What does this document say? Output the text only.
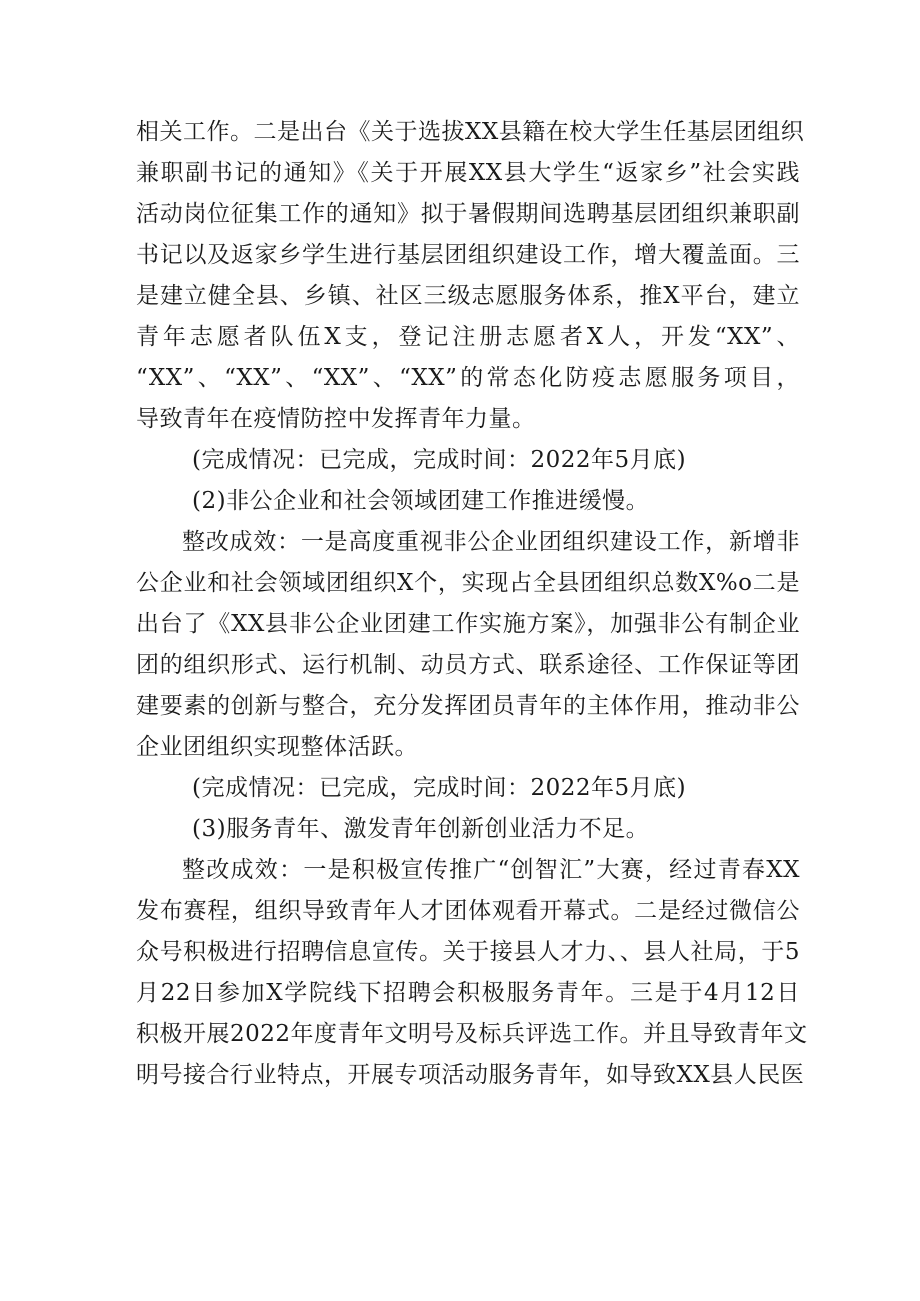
相关工作。二是出台《关于选拔XX县籍在校大学生任基层团组织
兼职副书记的通知》《关于开展XX县大学生“返家乡”社会实践
活动岗位征集工作的通知》拟于暑假期间选聘基层团组织兼职副
书记以及返家乡学生进行基层团组织建设工作，增大覆盖面。三
是建立健全县、乡镇、社区三级志愿服务体系，推X平台，建立
青年志愿者队伍X支，登记注册志愿者X人，开发“XX”、
“XX”、“XX”、“XX”、“XX”的常态化防疫志愿服务项目，
导致青年在疫情防控中发挥青年力量。
(完成情况：已完成，完成时间：2022年5月底)
(2)非公企业和社会领域团建工作推进缓慢。
整改成效：一是高度重视非公企业团组织建设工作，新增非
公企业和社会领域团组织X个，实现占全县团组织总数X%o二是
出台了《XX县非公企业团建工作实施方案》，加强非公有制企业
团的组织形式、运行机制、动员方式、联系途径、工作保证等团
建要素的创新与整合，充分发挥团员青年的主体作用，推动非公
企业团组织实现整体活跃。
(完成情况：已完成，完成时间：2022年5月底)
(3)服务青年、激发青年创新创业活力不足。
整改成效：一是积极宣传推广“创智汇”大赛，经过青春XX
发布赛程，组织导致青年人才团体观看开幕式。二是经过微信公
众号积极进行招聘信息宣传。关于接县人才力、、县人社局，于5
月22日参加X学院线下招聘会积极服务青年。三是于4月12日
积极开展2022年度青年文明号及标兵评选工作。并且导致青年文
明号接合行业特点，开展专项活动服务青年，如导致XX县人民医
